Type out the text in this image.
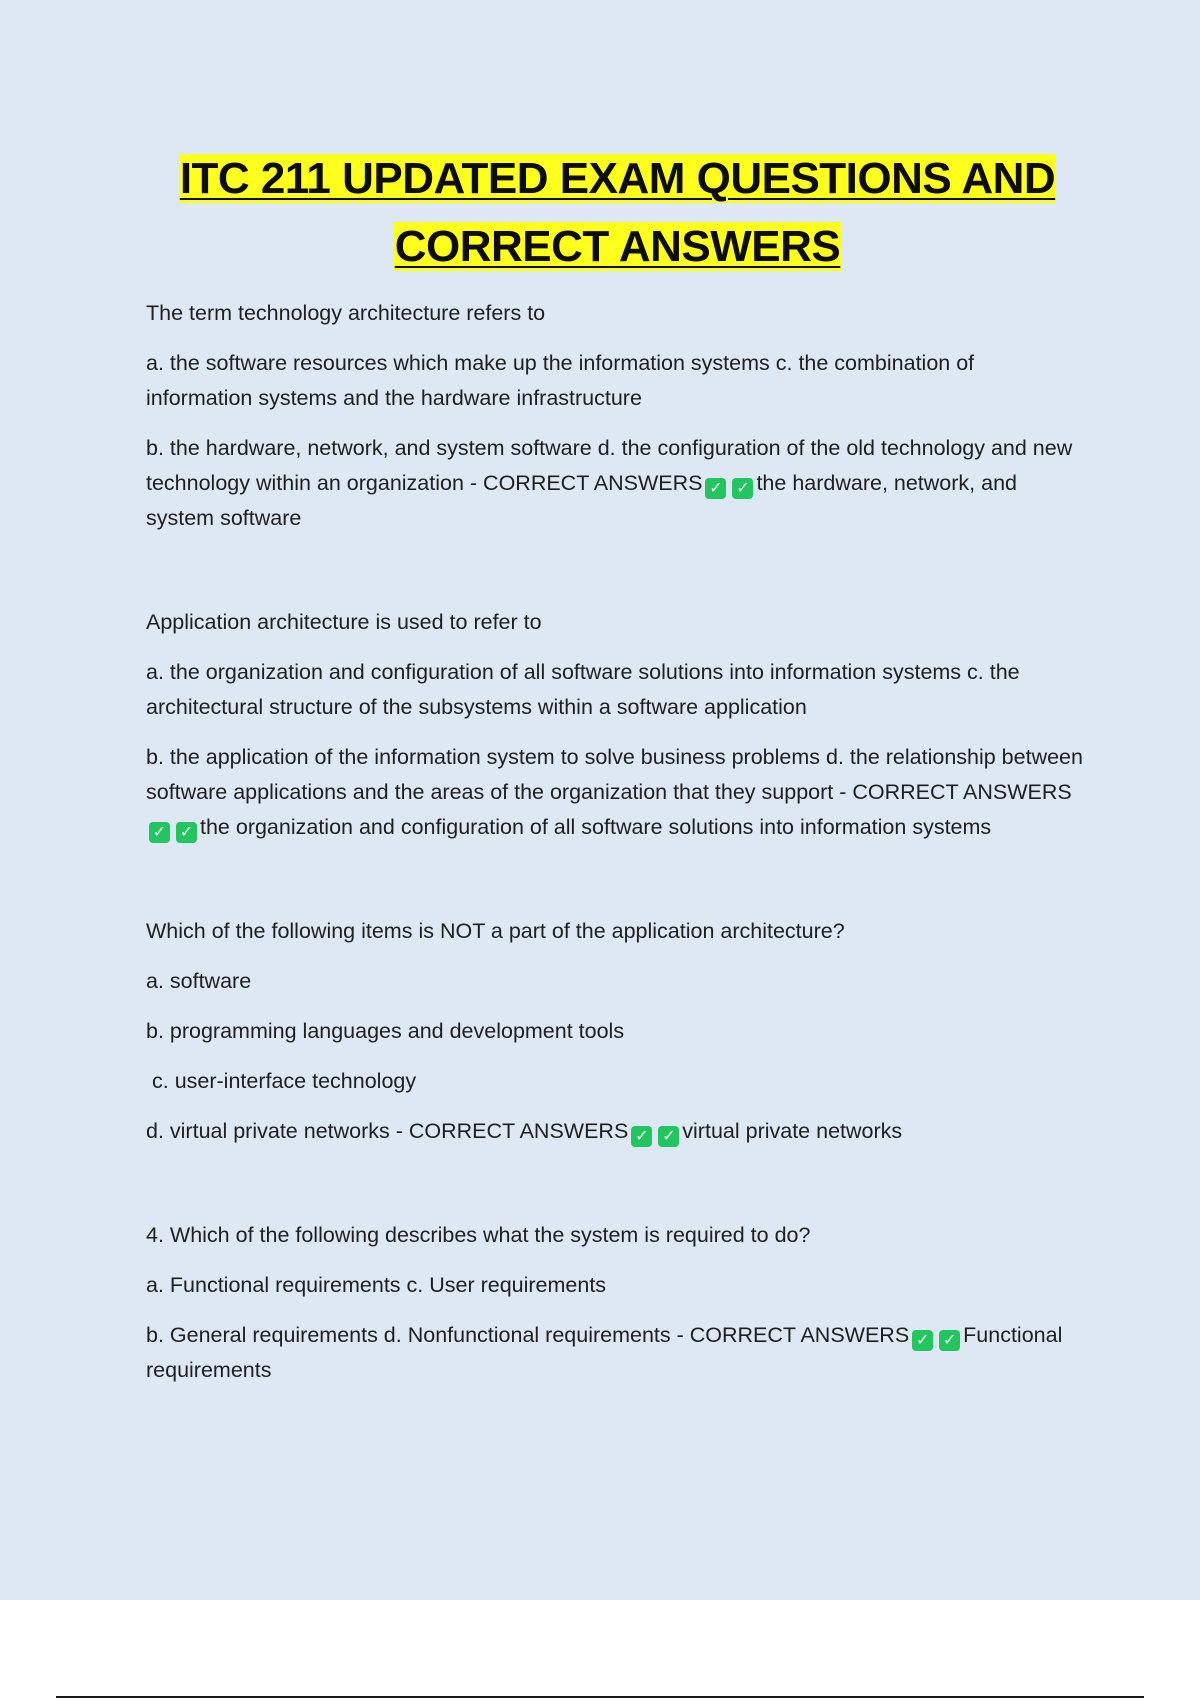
ITC 211 UPDATED EXAM QUESTIONS AND
CORRECT ANSWERS

The term technology architecture refers to

a. the software resources which make up the information systems c. the combination of information systems and the hardware infrastructure

b. the hardware, network, and system software d. the configuration of the old technology and new technology within an organization - CORRECT ANSWERS ✓ ✓ the hardware, network, and system software

Application architecture is used to refer to

a. the organization and configuration of all software solutions into information systems c. the architectural structure of the subsystems within a software application

b. the application of the information system to solve business problems d. the relationship between software applications and the areas of the organization that they support - CORRECT ANSWERS✓ ✓ the organization and configuration of all software solutions into information systems

Which of the following items is NOT a part of the application architecture?

a. software

b. programming languages and development tools

c. user-interface technology

d. virtual private networks - CORRECT ANSWERS ✓ ✓ virtual private networks

4. Which of the following describes what the system is required to do?

a. Functional requirements c. User requirements

b. General requirements d. Nonfunctional requirements - CORRECT ANSWERS ✓ ✓ Functional requirements
